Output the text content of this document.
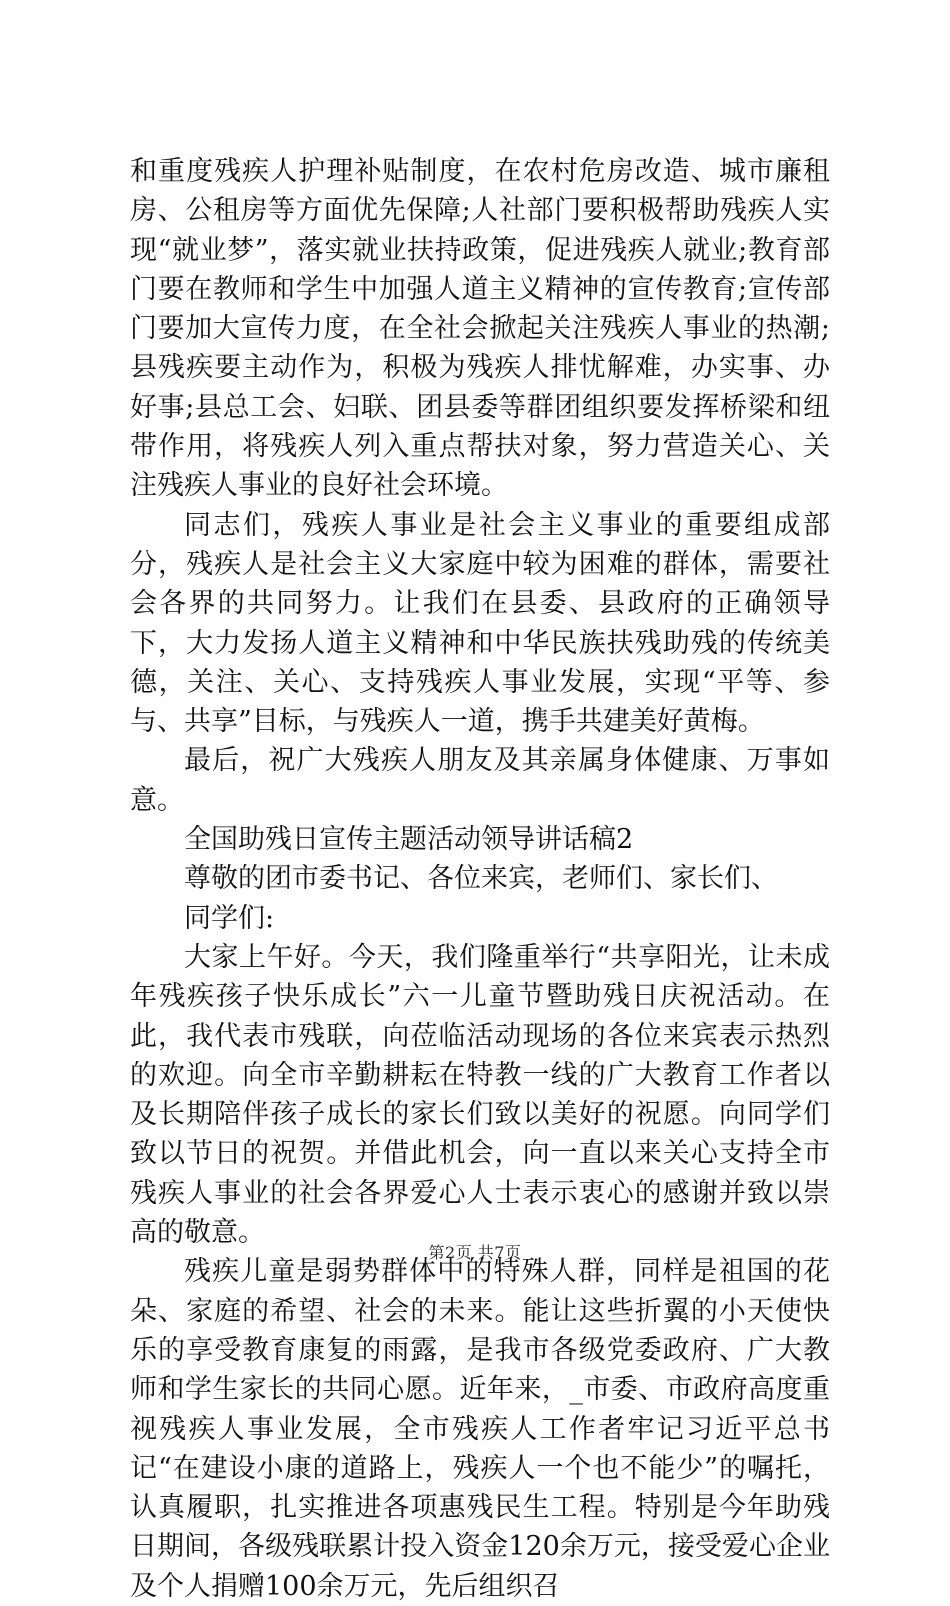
和重度残疾人护理补贴制度，在农村危房改造、城市廉租房、公租房等方面优先保障;人社部门要积极帮助残疾人实现“就业梦”，落实就业扶持政策，促进残疾人就业;教育部门要在教师和学生中加强人道主义精神的宣传教育;宣传部门要加大宣传力度，在全社会掀起关注残疾人事业的热潮;县残疾要主动作为，积极为残疾人排忧解难，办实事、办好事;县总工会、妇联、团县委等群团组织要发挥桥梁和纽带作用，将残疾人列入重点帮扶对象，努力营造关心、关注残疾人事业的良好社会环境。

同志们，残疾人事业是社会主义事业的重要组成部分，残疾人是社会主义大家庭中较为困难的群体，需要社会各界的共同努力。让我们在县委、县政府的正确领导下，大力发扬人道主义精神和中华民族扶残助残的传统美德，关注、关心、支持残疾人事业发展，实现“平等、参与、共享”目标，与残疾人一道，携手共建美好黄梅。

最后，祝广大残疾人朋友及其亲属身体健康、万事如意。

全国助残日宣传主题活动领导讲话稿2

尊敬的团市委书记、各位来宾，老师们、家长们、

同学们:

大家上午好。今天，我们隆重举行“共享阳光，让未成年残疾孩子快乐成长”六一儿童节暨助残日庆祝活动。在此，我代表市残联，向莅临活动现场的各位来宾表示热烈的欢迎。向全市辛勤耕耘在特教一线的广大教育工作者以及长期陪伴孩子成长的家长们致以美好的祝愿。向同学们致以节日的祝贺。并借此机会，向一直以来关心支持全市残疾人事业的社会各界爱心人士表示衷心的感谢并致以崇高的敬意。

残疾儿童是弱势群体中的特殊人群，同样是祖国的花朵、家庭的希望、社会的未来。能让这些折翼的小天使快乐的享受教育康复的雨露，是我市各级党委政府、广大教师和学生家长的共同心愿。近年来，_市委、市政府高度重视残疾人事业发展，全市残疾人工作者牢记习近平总书记“在建设小康的道路上，残疾人一个也不能少”的嘱托，认真履职，扎实推进各项惠残民生工程。特别是今年助残日期间，各级残联累计投入资金120余万元，接受爱心企业及个人捐赠100余万元，先后组织召

第2页 共7页
